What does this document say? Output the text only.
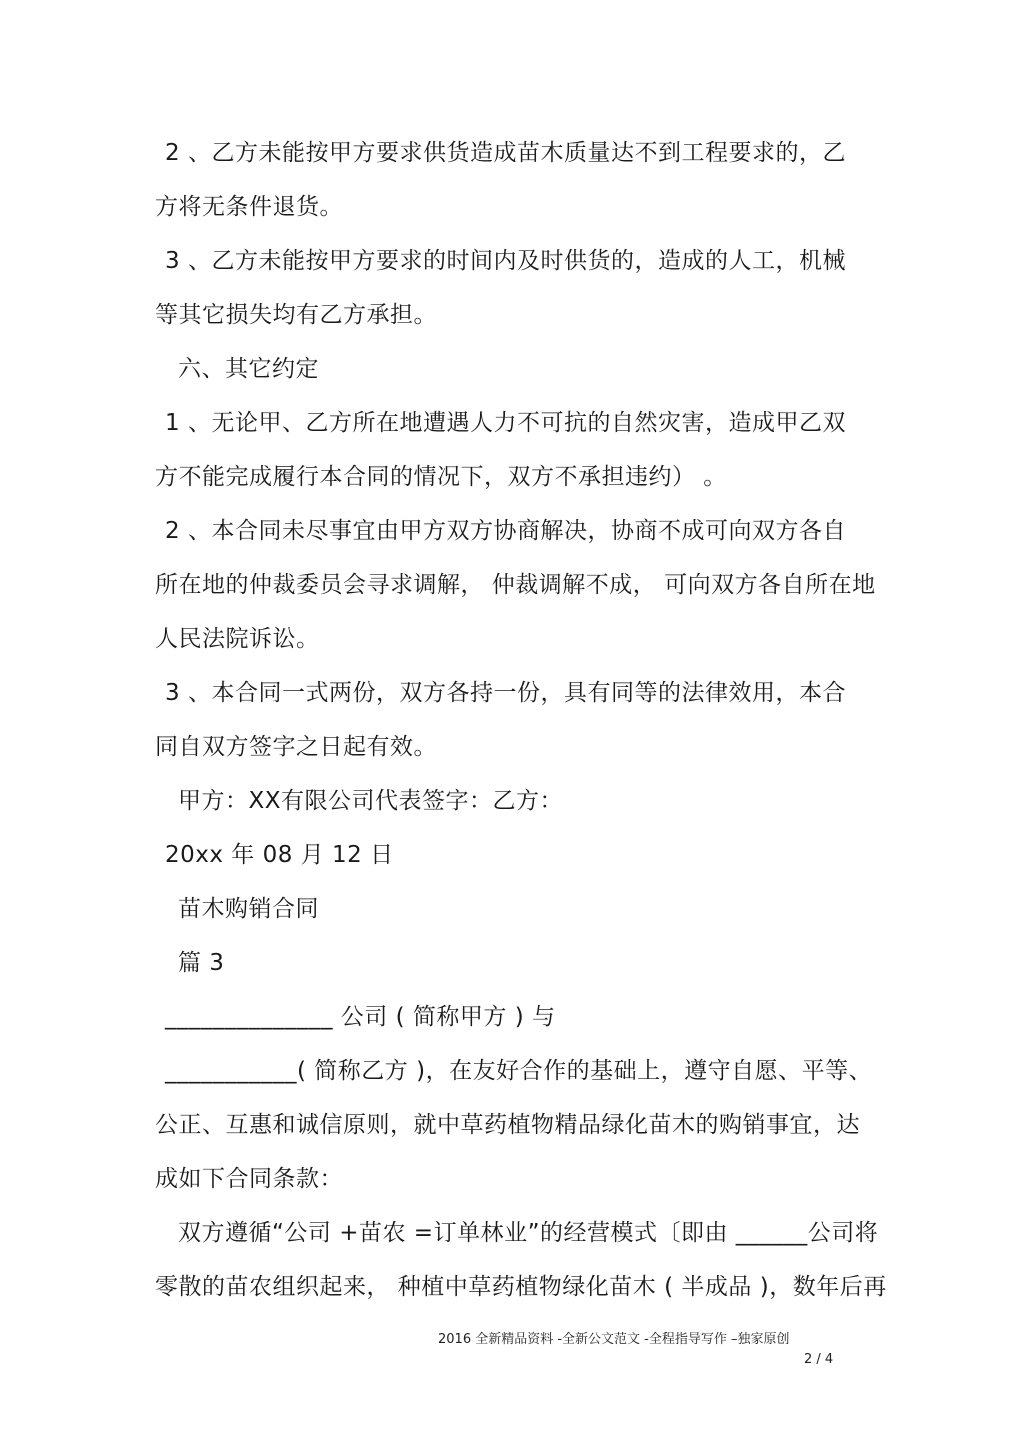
2 、乙方未能按甲方要求供货造成苗木质量达不到工程要求的，乙
方将无条件退货。
3 、乙方未能按甲方要求的时间内及时供货的，造成的人工，机械
等其它损失均有乙方承担。
六、其它约定
1 、无论甲、乙方所在地遭遇人力不可抗的自然灾害，造成甲乙双
方不能完成履行本合同的情况下，双方不承担违约） 。
2 、本合同未尽事宜由甲方双方协商解决，协商不成可向双方各自
所在地的仲裁委员会寻求调解， 仲裁调解不成， 可向双方各自所在地
人民法院诉讼。
3 、本合同一式两份，双方各持一份，具有同等的法律效用，本合
同自双方签字之日起有效。
甲方：XX有限公司代表签字：乙方：
20xx 年 08 月 12 日
苗木购销合同
篇 3
______________ 公司 ( 简称甲方 ) 与
___________( 简称乙方 )，在友好合作的基础上，遵守自愿、平等、
公正、互惠和诚信原则，就中草药植物精品绿化苗木的购销事宜，达
成如下合同条款：
双方遵循“公司 +苗农 =订单林业”的经营模式〔即由 ______公司将
零散的苗农组织起来， 种植中草药植物绿化苗木 ( 半成品 )，数年后再
2016 全新精品资料 -全新公文范文 -全程指导写作 –独家原创
2 / 4
